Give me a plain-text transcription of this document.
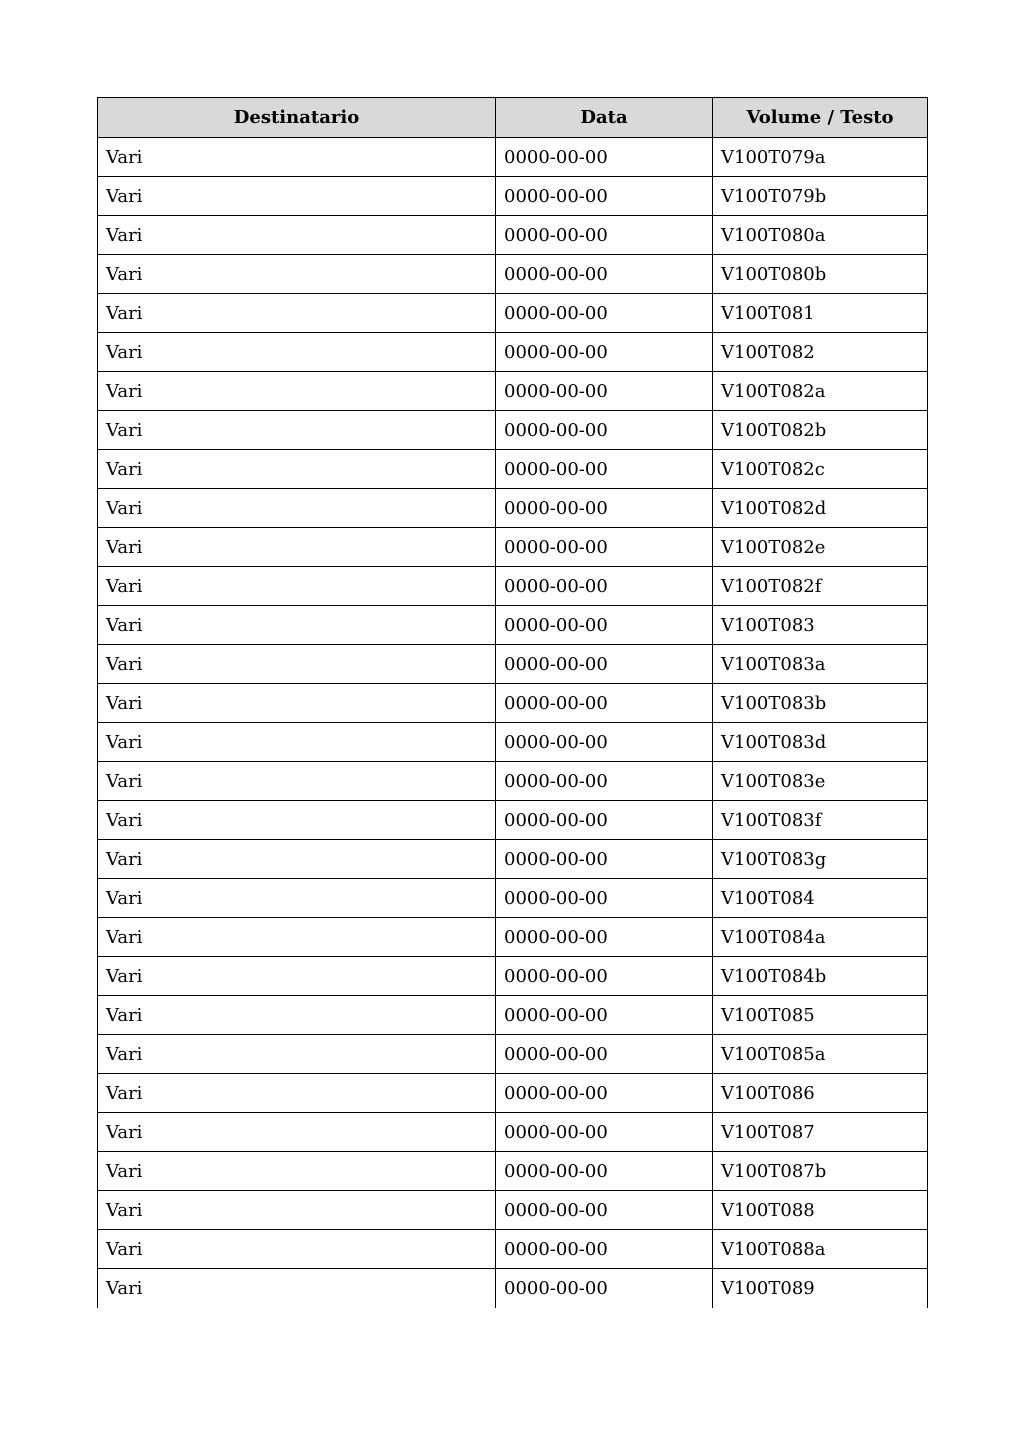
Destinatario	Data	Volume / Testo
Vari	0000-00-00	V100T079a
Vari	0000-00-00	V100T079b
Vari	0000-00-00	V100T080a
Vari	0000-00-00	V100T080b
Vari	0000-00-00	V100T081
Vari	0000-00-00	V100T082
Vari	0000-00-00	V100T082a
Vari	0000-00-00	V100T082b
Vari	0000-00-00	V100T082c
Vari	0000-00-00	V100T082d
Vari	0000-00-00	V100T082e
Vari	0000-00-00	V100T082f
Vari	0000-00-00	V100T083
Vari	0000-00-00	V100T083a
Vari	0000-00-00	V100T083b
Vari	0000-00-00	V100T083d
Vari	0000-00-00	V100T083e
Vari	0000-00-00	V100T083f
Vari	0000-00-00	V100T083g
Vari	0000-00-00	V100T084
Vari	0000-00-00	V100T084a
Vari	0000-00-00	V100T084b
Vari	0000-00-00	V100T085
Vari	0000-00-00	V100T085a
Vari	0000-00-00	V100T086
Vari	0000-00-00	V100T087
Vari	0000-00-00	V100T087b
Vari	0000-00-00	V100T088
Vari	0000-00-00	V100T088a
Vari	0000-00-00	V100T089
